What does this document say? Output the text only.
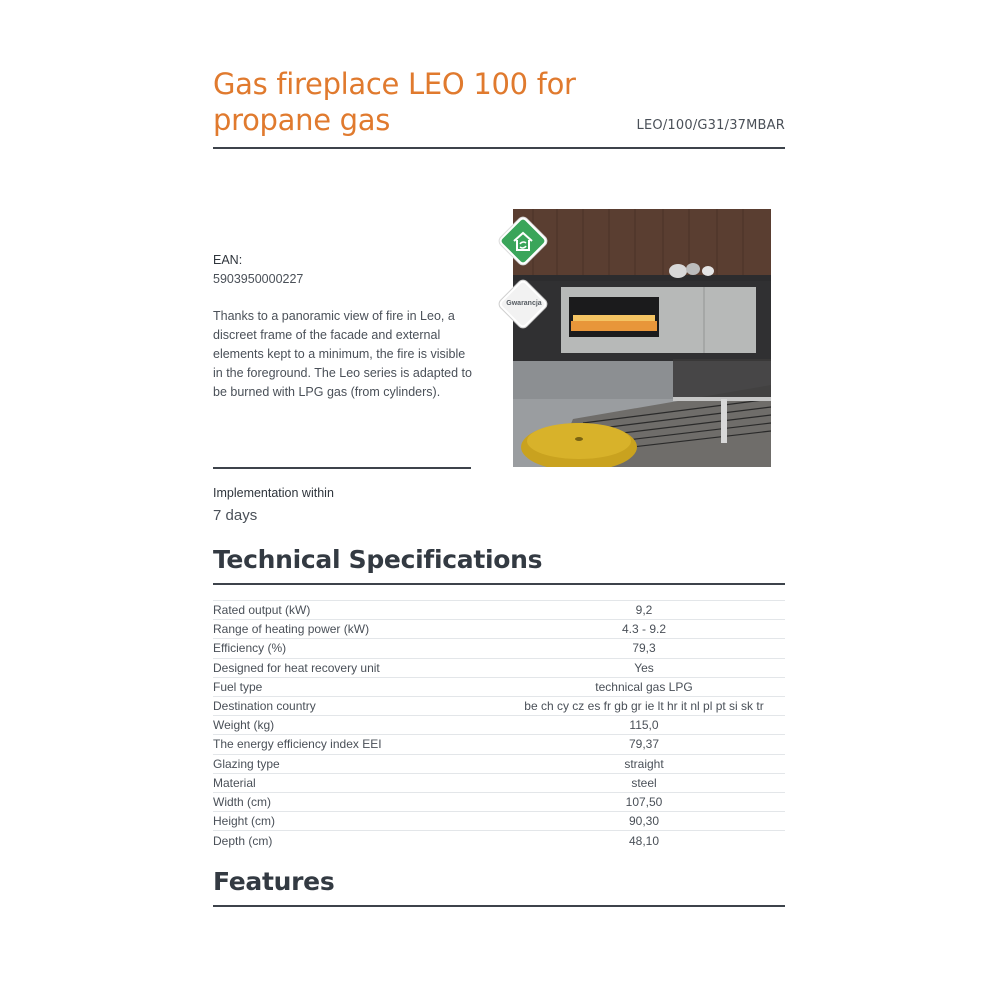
Gas fireplace LEO 100 for propane gas	LEO/100/G31/37MBAR
EAN:
5903950000227

Thanks to a panoramic view of fire in Leo, a discreet frame of the facade and external elements kept to a minimum, the fire is visible in the foreground. The Leo series is adapted to be burned with LPG gas (from cylinders).

Implementation within
7 days
Gwarancja
Technical Specifications
Rated output (kW)	9,2
Range of heating power (kW)	4.3 - 9.2
Efficiency (%)	79,3
Designed for heat recovery unit	Yes
Fuel type	technical gas LPG
Destination country	be ch cy cz es fr gb gr ie lt hr it nl pl pt si sk tr
Weight (kg)	115,0
The energy efficiency index EEI	79,37
Glazing type	straight
Material	steel
Width (cm)	107,50
Height (cm)	90,30
Depth (cm)	48,10
Features
